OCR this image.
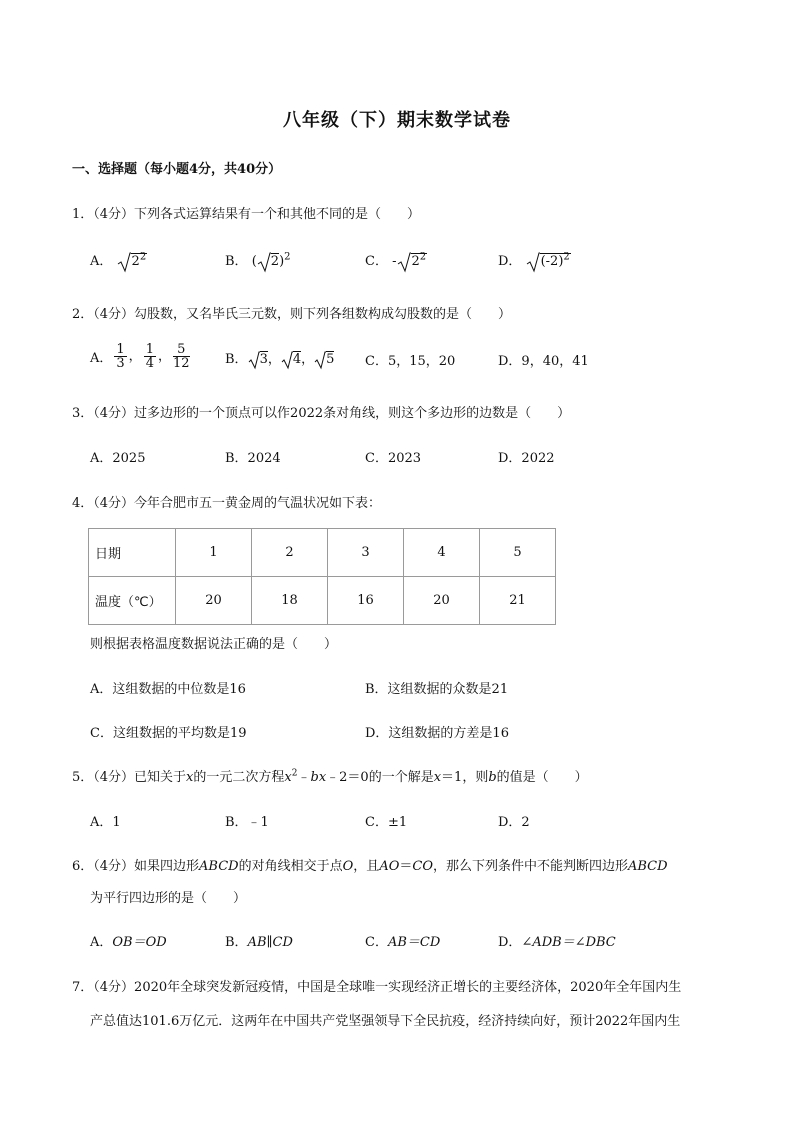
八年级（下）期末数学试卷
一、选择题（每小题4分，共40分）
1．（4分）下列各式运算结果有一个和其他不同的是（　　）
A． $2^2$	B． ( 2)$^2$	C． - $2^2$	D． $(-2)^2$
2．（4分）勾股数，又名毕氏三元数，则下列各组数构成勾股数的是（　　）
A． $\frac{1}{3}$ ， $\frac{1}{4}$ ， $\frac{5}{12}$	B． 3， 4， 5 C．5，15，20	D．9，40，41
3．（4分）过多边形的一个顶点可以作2022条对角线，则这个多边形的边数是（　　）
A．2025	B．2024	C．2023	D．2022
4．（4分）今年合肥市五一黄金周的气温状况如下表：
日期	1	2	3	4	5
温度（℃）	20	18	16	20	21
则根据表格温度数据说法正确的是（　　）
A．这组数据的中位数是16	B．这组数据的众数是21
C．这组数据的平均数是19	D．这组数据的方差是16
5．（4分）已知关于x的一元二次方程$x^2﹣bx﹣2=0$的一个解是x＝1，则b的值是（　　）
A．1	B．﹣1	C．±1	D．2
6．（4分）如果四边形ABCD的对角线相交于点O，且AO＝CO，那么下列条件中不能判断四边形ABCD
为平行四边形的是（　　）
A．OB＝OD	B．AB∥CD	C．AB＝CD	D．∠ADB＝∠DBC
7．（4分）2020年全球突发新冠疫情，中国是全球唯一实现经济正增长的主要经济体，2020年全年国内生
产总值达101.6万亿元．这两年在中国共产党坚强领导下全民抗疫，经济持续向好，预计2022年国内生
